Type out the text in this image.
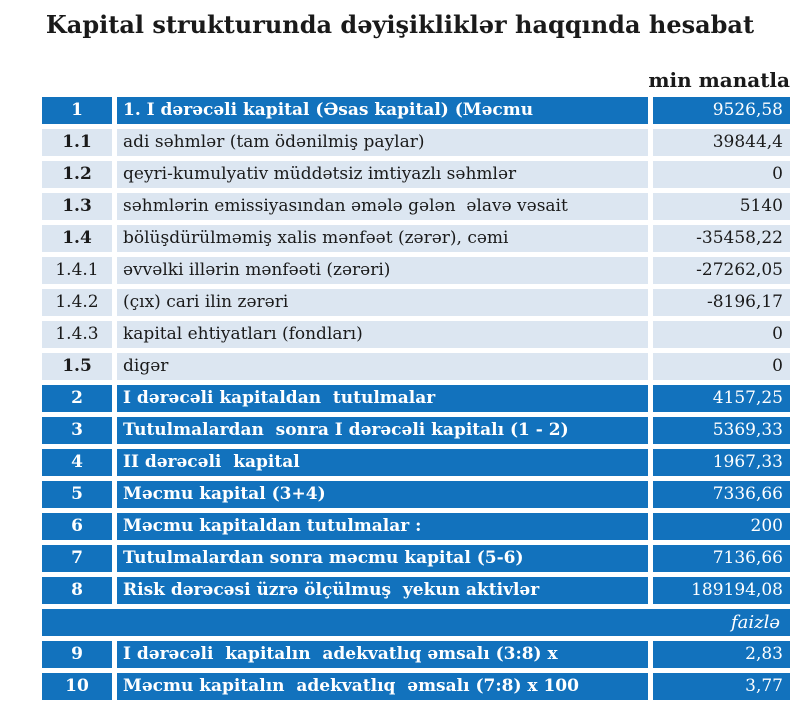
Kapital strukturunda dəyişikliklər haqqında hesabat
min manatla
1	1. I dərəcəli kapital (Əsas kapital) (Məcmu	9526,58
1.1	adi səhmlər (tam ödənilmiş paylar)	39844,4
1.2	qeyri-kumulyativ müddətsiz imtiyazlı səhmlər	0
1.3	səhmlərin emissiyasından əmələ gələn  əlavə vəsait	5140
1.4	bölüşdürülməmiş xalis mənfəət (zərər), cəmi	-35458,22
1.4.1	əvvəlki illərin mənfəəti (zərəri)	-27262,05
1.4.2	(çıx) cari ilin zərəri	-8196,17
1.4.3	kapital ehtiyatları (fondları)	0
1.5	digər	0
2	I dərəcəli kapitaldan  tutulmalar	4157,25
3	Tutulmalardan  sonra I dərəcəli kapitalı (1 - 2)	5369,33
4	II dərəcəli  kapital	1967,33
5	Məcmu kapital (3+4)	7336,66
6	Məcmu kapitaldan tutulmalar :	200
7	Tutulmalardan sonra məcmu kapital (5-6)	7136,66
8	Risk dərəcəsi üzrə ölçülmuş  yekun aktivlər	189194,08
faizlə
9	I dərəcəli  kapitalın  adekvatlıq əmsalı (3:8) x	2,83
10	Məcmu kapitalın  adekvatlıq  əmsalı (7:8) x 100	3,77
